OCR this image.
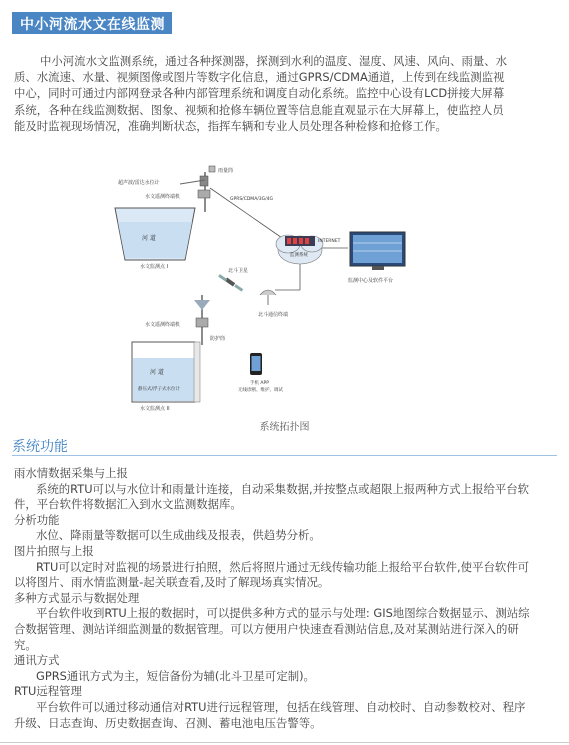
中小河流水文在线监测

中小河流水文监测系统，通过各种探测器，探测到水利的温度、湿度、风速、风向、雨量、水质、水流速、水量、视频图像或图片等数字化信息，通过GPRS/CDMA通道，上传到在线监测监视中心，同时可通过内部网登录各种内部管理系统和调度自动化系统。监控中心设有LCD拼接大屏幕系统，各种在线监测数据、图象、视频和抢修车辆位置等信息能直观显示在大屏幕上，使监控人员能及时监视现场情况，准确判断状态，指挥车辆和专业人员处理各种检修和抢修工作。

河 道
水文监测点 I
雨量筒
超声波/雷达水位计
水文遥测终端机	GPRS/CDMA/3G/4G
监测系统
INTERNET
监测中心及软件平台
北斗卫星
北斗通信终端
水文遥测终端机
防护筒
河 道
静压式/浮子式水位计
水文监测点 II
手机 APP
无线诊断、维护、调试
系统拓扑图
系统功能

雨水情数据采集与上报

系统的RTU可以与水位计和雨量计连接，自动采集数据,并按整点或超限上报两种方式上报给平台软件，平台软件将数据汇入到水文监测数据库。

分析功能

水位、降雨量等数据可以生成曲线及报表，供趋势分析。

图片拍照与上报

RTU可以定时对监视的场景进行拍照，然后将照片通过无线传输功能上报给平台软件,使平台软件可以将图片、雨水情监测量-起关联查看,及时了解现场真实情况。

多种方式显示与数据处理

平台软件收到RTU上报的数据时，可以提供多种方式的显示与处理: GIS地图综合数据显示、测站综合数据管理、测站详细监测量的数据管理。可以方便用户快速查看测站信息,及对某测站进行深入的研究。

通讯方式

GPRS通讯方式为主，短信备份为辅(北斗卫星可定制)。

RTU远程管理

平台软件可以通过移动通信对RTU进行远程管理，包括在线管理、自动校时、自动参数校对、程序升级、日志查询、历史数据查询、召测、蓄电池电压告警等。
